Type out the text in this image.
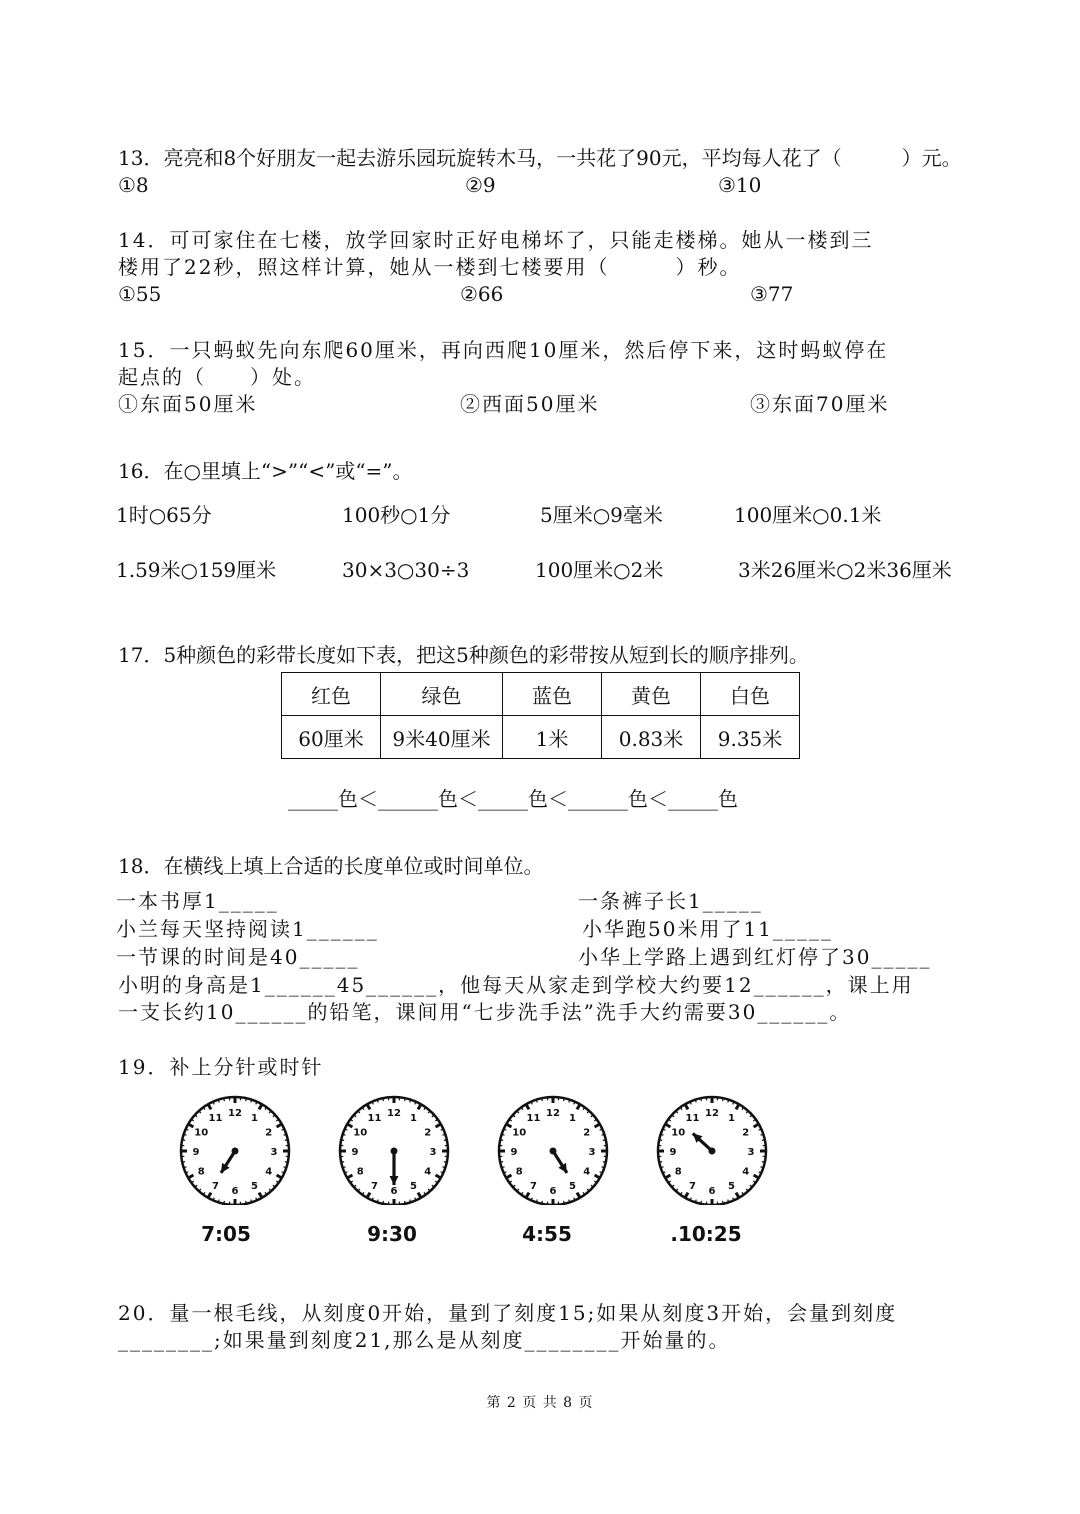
13．亮亮和8个好朋友一起去游乐园玩旋转木马，一共花了90元，平均每人花了（　　　）元。
①8	②9	③10
14．可可家住在七楼，放学回家时正好电梯坏了，只能走楼梯。她从一楼到三
楼用了22秒，照这样计算，她从一楼到七楼要用（　　　）秒。
①55	②66	③77
15．一只蚂蚁先向东爬60厘米，再向西爬10厘米，然后停下来，这时蚂蚁停在
起点的（　　）处。
①东面50厘米	②西面50厘米	③东面70厘米
16．在○里填上“>”“<”或“=”。
1时○65分	100秒○1分	5厘米○9毫米	100厘米○0.1米
1.59米○159厘米	30×3○30÷3	100厘米○2米	3米26厘米○2米36厘米
17．5种颜色的彩带长度如下表，把这5种颜色的彩带按从短到长的顺序排列。
红色	绿色	蓝色	黄色	白色
60厘米	9米40厘米	1米	0.83米	9.35米
_____色＜______色＜_____色＜______色＜_____色
18．在横线上填上合适的长度单位或时间单位。
一本书厚1_____	一条裤子长1_____
小兰每天坚持阅读1______	小华跑50米用了11_____
一节课的时间是40_____	小华上学路上遇到红灯停了30_____
小明的身高是1______45______，他每天从家走到学校大约要12______，课上用
一支长约10______的铅笔，课间用“七步洗手法”洗手大约需要30______。
19．补上分针或时针
12 1
2
3
4
5
6
7
8
9
10
11	12 1
2
3
4
5
6
7
8
9
10
11	12 1
2
3
4
5
6
7
8
9
10
11	12 1
2
3
4
5
6
7
8
9
10
11
7:05	9:30	4:55	.10:25
20．量一根毛线，从刻度0开始，量到了刻度15;如果从刻度3开始，会量到刻度
________;如果量到刻度21,那么是从刻度________开始量的。
第 2 页 共 8 页
